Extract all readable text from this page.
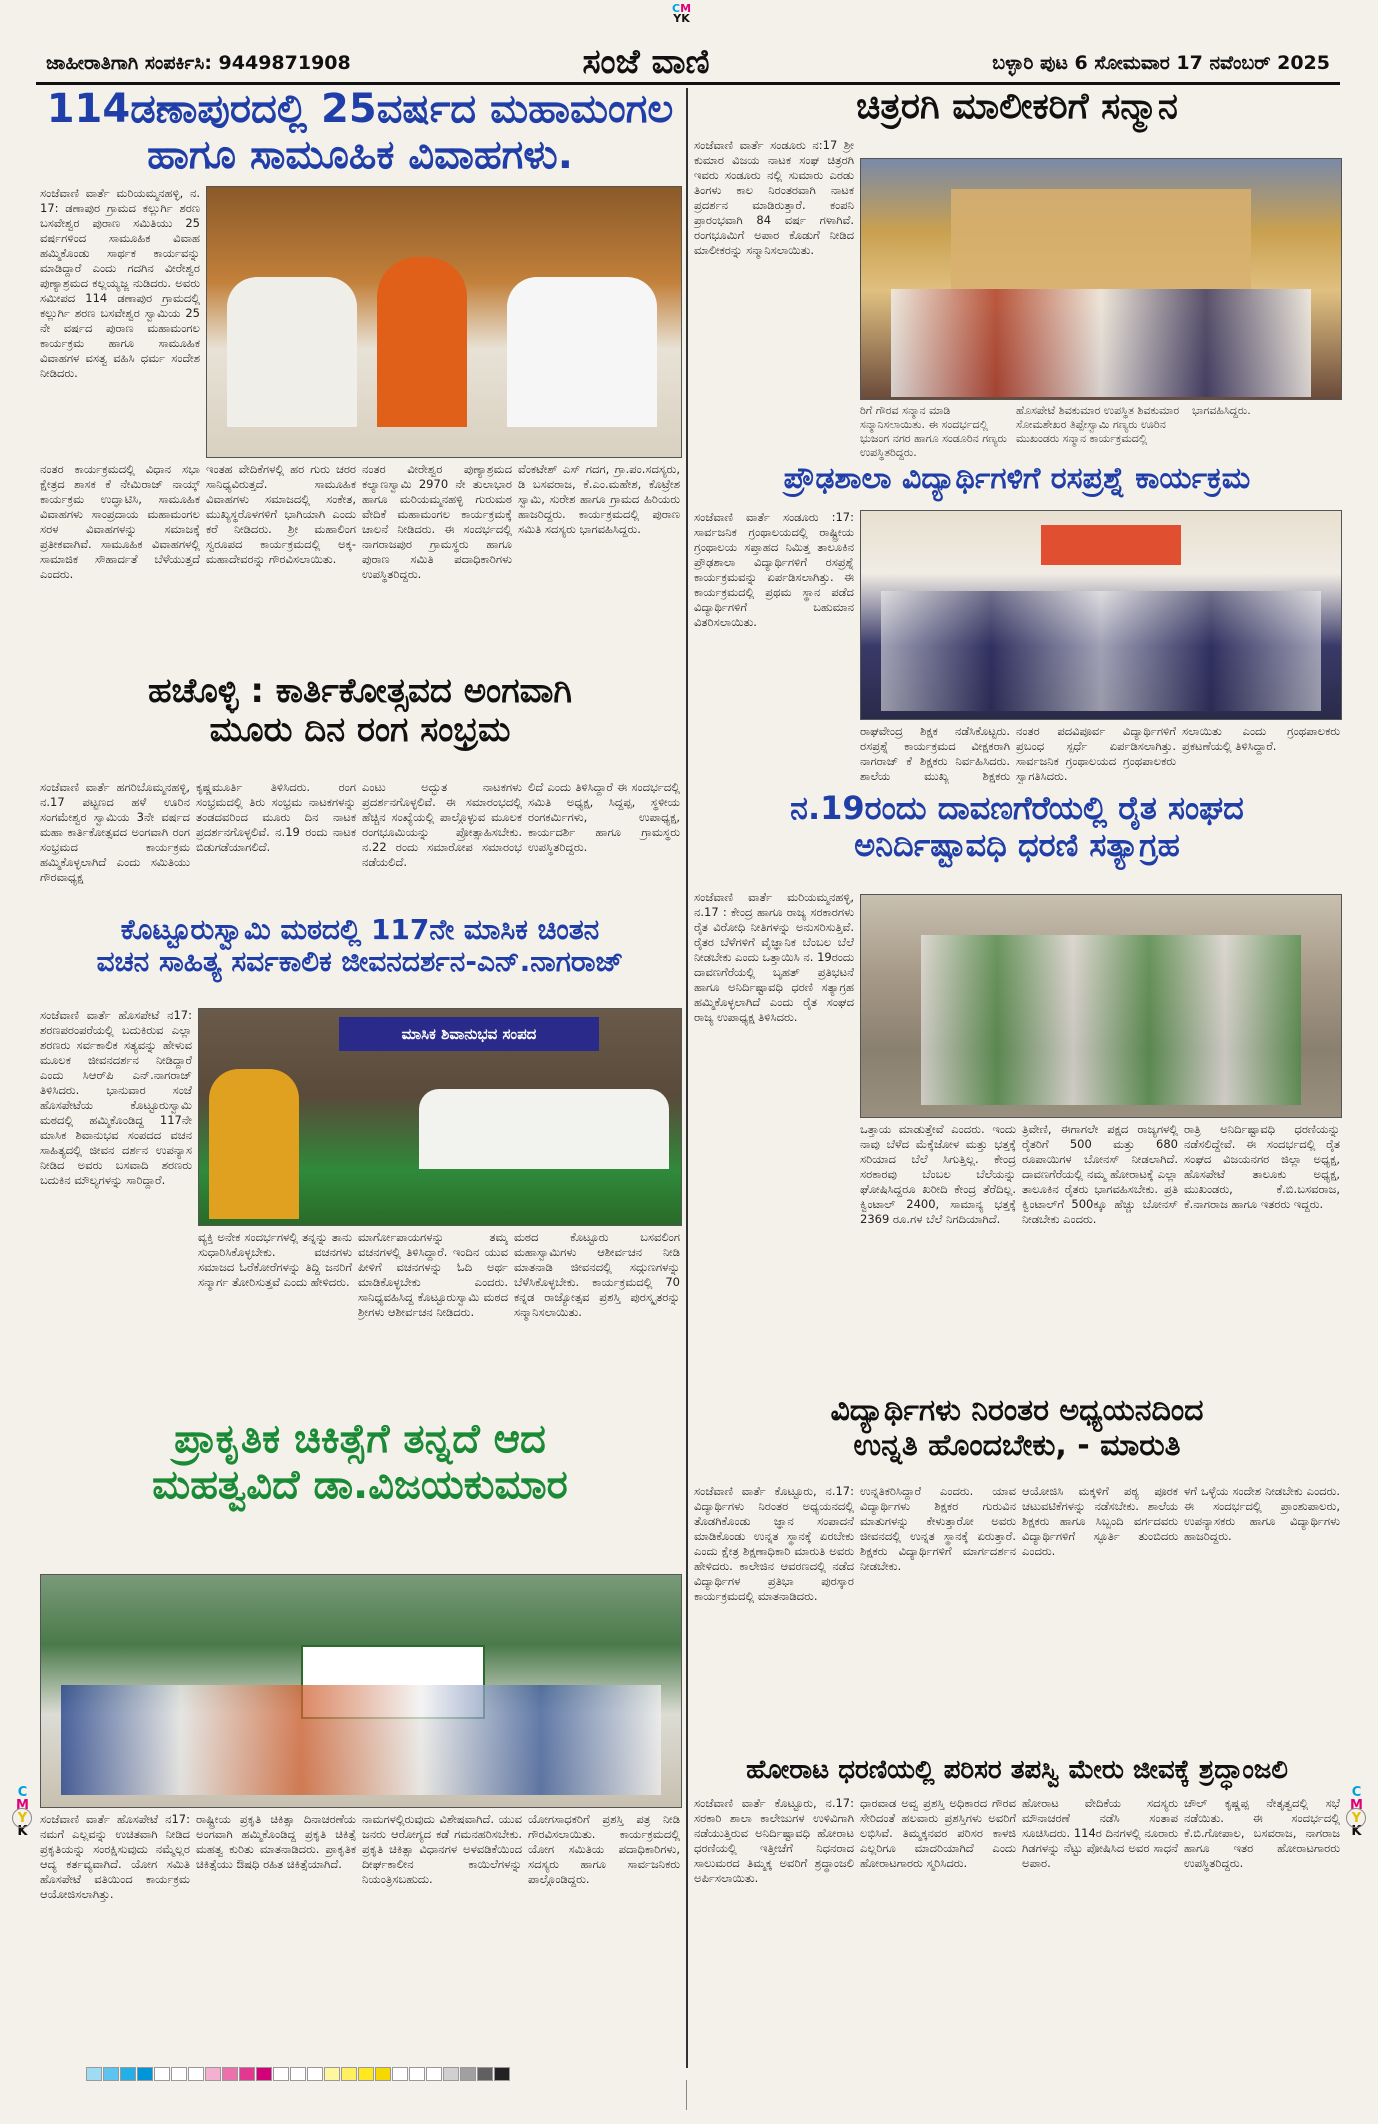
CM
YK
C
M
Y
K
C
M
Y
K
ಜಾಹೀರಾತಿಗಾಗಿ ಸಂಪರ್ಕಿಸಿ: 9449871908	ಸಂಜೆ ವಾಣಿ	ಬಳ್ಳಾರಿ ಪುಟ 6 ಸೋಮವಾರ 17 ನವೆಂಬರ್ 2025
114ಡಣಾಪುರದಲ್ಲಿ 25ವರ್ಷದ ಮಹಾಮಂಗಲ
ಹಾಗೂ ಸಾಮೂಹಿಕ ವಿವಾಹಗಳು.
ಸಂಜೆವಾಣಿ ವಾರ್ತೆ ಮರಿಯಮ್ಮನಹಳ್ಳಿ, ನ. 17: ಡಣಾಪುರ ಗ್ರಾಮದ ಕಲ್ಲುರ್ಗಿ ಶರಣ ಬಸವೇಶ್ವರ ಪುರಾಣ ಸಮಿತಿಯು 25 ವರ್ಷಗಳಿಂದ ಸಾಮೂಹಿಕ ವಿವಾಹ ಹಮ್ಮಿಕೊಂಡು ಸಾರ್ಥಕ ಕಾರ್ಯವನ್ನು ಮಾಡಿದ್ದಾರೆ ಎಂದು ಗದಗಿನ ವೀರೇಶ್ವರ ಪುಣ್ಯಾಶ್ರಮದ ಕಲ್ಲಯ್ಯಜ್ಜ ನುಡಿದರು. ಅವರು ಸಮೀಪದ 114 ಡಣಾಪುರ ಗ್ರಾಮದಲ್ಲಿ ಕಲ್ಲುರ್ಗಿ ಶರಣ ಬಸವೇಶ್ವರ ಸ್ವಾಮಿಯ 25 ನೇ ವರ್ಷದ ಪುರಾಣ ಮಹಾಮಂಗಲ ಕಾರ್ಯಕ್ರಮ ಹಾಗೂ ಸಾಮೂಹಿಕ ವಿವಾಹಗಳ ವಸತ್ವ ವಹಿಸಿ ಧರ್ಮ ಸಂದೇಶ ನೀಡಿದರು.
ನಂತರ ಕಾರ್ಯಕ್ರಮದಲ್ಲಿ ವಿಧಾನ ಸಭಾ ಕ್ಷೇತ್ರದ ಶಾಸಕ ಕೆ ನೇಮಿರಾಜ್ ನಾಯ್ಕ್ ಕಾರ್ಯಕ್ರಮ ಉದ್ಘಾಟಿಸಿ, ಸಾಮೂಹಿಕ ವಿವಾಹಗಳು ಸಾಂಪ್ರದಾಯ ಮಹಾಮಂಗಲ ಸರಳ ವಿವಾಹಗಳನ್ನು ಸಮಾಜಕ್ಕೆ ಪ್ರತೀಕವಾಗಿವೆ. ಸಾಮೂಹಿಕ ವಿವಾಹಗಳಲ್ಲಿ ಸಾಮಾಜಿಕ ಸೌಹಾರ್ದತೆ ಬೆಳೆಯುತ್ತದೆ ಎಂದರು.
ಇಂತಹ ವೇದಿಕೆಗಳಲ್ಲಿ ಹರ ಗುರು ಚರರ ಸಾನಿಧ್ಯವಿರುತ್ತದೆ. ಸಾಮೂಹಿಕ ವಿವಾಹಗಳು ಸಮಾಜದಲ್ಲಿ ಸಂಕೇತ, ಮುಖ್ಯಸ್ಥರೊಳಗಳಿಗೆ ಭಾಗಿಯಾಗಿ ಎಂದು ಕರೆ ನೀಡಿದರು. ಶ್ರೀ ಮಹಾಲಿಂಗ ಸ್ವರೂಪದ ಕಾರ್ಯಕ್ರಮದಲ್ಲಿ ಅಕ್ಕ-ಮಹಾದೇವರನ್ನು ಗೌರವಿಸಲಾಯಿತು.
ನಂತರ ವೀರೇಶ್ವರ ಪುಣ್ಯಾಶ್ರಮದ ಕಲ್ಯಾಣಸ್ವಾಮಿ 2970 ನೇ ತುಲಾಭಾರ ಹಾಗೂ ಮರಿಯಮ್ಮನಹಳ್ಳಿ ಗುರುಮಠ ವೇದಿಕೆ ಮಹಾಮಂಗಲ ಕಾರ್ಯಕ್ರಮಕ್ಕೆ ಚಾಲನೆ ನೀಡಿದರು. ಈ ಸಂದರ್ಭದಲ್ಲಿ ನಾಗರಾಜಪುರ ಗ್ರಾಮಸ್ಥರು ಹಾಗೂ ಪುರಾಣ ಸಮಿತಿ ಪದಾಧಿಕಾರಿಗಳು ಉಪಸ್ಥಿತರಿದ್ದರು.
ವೆಂಕಟೇಶ್ ಎಸ್ ಗದಗ, ಗ್ರಾ.ಪಂ.ಸದಸ್ಯರು, ಡಿ ಬಸವರಾಜ, ಕೆ.ಎಂ.ಮಹೇಶ, ಕೊಟ್ರೇಶ ಸ್ವಾಮಿ, ಸುರೇಶ ಹಾಗೂ ಗ್ರಾಮದ ಹಿರಿಯರು ಹಾಜರಿದ್ದರು. ಕಾರ್ಯಕ್ರಮದಲ್ಲಿ ಪುರಾಣ ಸಮಿತಿ ಸದಸ್ಯರು ಭಾಗವಹಿಸಿದ್ದರು.
ಹಚೊಳ್ಳಿ : ಕಾರ್ತಿಕೋತ್ಸವದ ಅಂಗವಾಗಿ
ಮೂರು ದಿನ ರಂಗ ಸಂಭ್ರಮ
ಸಂಜೆವಾಣಿ ವಾರ್ತೆ ಹಗರಿಬೊಮ್ಮನಹಳ್ಳಿ, ನ.17 ಪಟ್ಟಣದ ಹಳೆ ಊರಿನ ಸಂಗಮೇಶ್ವರ ಸ್ವಾಮಿಯ 3ನೇ ವರ್ಷದ ಮಹಾ ಕಾರ್ತಿಕೋತ್ಸವದ ಅಂಗವಾಗಿ ರಂಗ ಸಂಭ್ರಮದ ಕಾರ್ಯಕ್ರಮ ಹಮ್ಮಿಕೊಳ್ಳಲಾಗಿದೆ ಎಂದು ಸಮಿತಿಯು ಗೌರವಾಧ್ಯಕ್ಷ
ಕೃಷ್ಣಮೂರ್ತಿ ತಿಳಿಸಿದರು. ರಂಗ ಸಂಭ್ರಮದಲ್ಲಿ ತಿರು ಸಂಭ್ರಮ ನಾಟಕಗಳನ್ನು ತಂಡದವರಿಂದ ಮೂರು ದಿನ ನಾಟಕ ಪ್ರದರ್ಶನಗೊಳ್ಳಲಿವೆ. ನ.19 ರಂದು ನಾಟಕ ಬಿಡುಗಡೆಯಾಗಲಿದೆ.
ಎಂಟು ಅದ್ಭುತ ನಾಟಕಗಳು ಪ್ರದರ್ಶನಗೊಳ್ಳಲಿವೆ. ಈ ಸಮಾರಂಭದಲ್ಲಿ ಹೆಚ್ಚಿನ ಸಂಖ್ಯೆಯಲ್ಲಿ ಪಾಲ್ಗೊಳ್ಳುವ ಮೂಲಕ ರಂಗಭೂಮಿಯನ್ನು ಪ್ರೋತ್ಸಾಹಿಸಬೇಕು. ನ.22 ರಂದು ಸಮಾರೋಪ ಸಮಾರಂಭ ನಡೆಯಲಿದೆ.
ಲಿದೆ ಎಂದು ತಿಳಿಸಿದ್ದಾರೆ ಈ ಸಂದರ್ಭದಲ್ಲಿ ಸಮಿತಿ ಅಧ್ಯಕ್ಷ, ಸಿದ್ದಪ್ಪ, ಸ್ಥಳೀಯ ರಂಗಕರ್ಮಿಗಳು, ಉಪಾಧ್ಯಕ್ಷ, ಕಾರ್ಯದರ್ಶಿ ಹಾಗೂ ಗ್ರಾಮಸ್ಥರು ಉಪಸ್ಥಿತರಿದ್ದರು.
ಕೊಟ್ಟೂರುಸ್ವಾಮಿ ಮಠದಲ್ಲಿ 117ನೇ ಮಾಸಿಕ ಚಿಂತನ
ವಚನ ಸಾಹಿತ್ಯ ಸರ್ವಕಾಲಿಕ ಜೀವನದರ್ಶನ-ಎನ್.ನಾಗರಾಜ್
ಸಂಜೆವಾಣಿ ವಾರ್ತೆ ಹೊಸಪೇಟೆ ನ17: ಶರಣಪರಂಪರೆಯಲ್ಲಿ ಬದುಕಿರುವ ಎಲ್ಲಾ ಶರಣರು ಸರ್ವಕಾಲಿಕ ಸತ್ಯವನ್ನು ಹೇಳುವ ಮೂಲಕ ಜೀವನದರ್ಶನ ನೀಡಿದ್ದಾರೆ ಎಂದು ಸಿಆರ್‌ಪಿ ಎನ್.ನಾಗರಾಜ್ ತಿಳಿಸಿದರು. ಭಾನುವಾರ ಸಂಜೆ ಹೊಸಪೇಟೆಯ ಕೊಟ್ಟೂರುಸ್ವಾಮಿ ಮಠದಲ್ಲಿ ಹಮ್ಮಿಕೊಂಡಿದ್ದ 117ನೇ ಮಾಸಿಕ ಶಿವಾನುಭವ ಸಂಪದದ ವಚನ ಸಾಹಿತ್ಯದಲ್ಲಿ ಜೀವನ ದರ್ಶನ ಉಪನ್ಯಾಸ ನೀಡಿದ ಅವರು ಬಸವಾದಿ ಶರಣರು ಬದುಕಿನ ಮೌಲ್ಯಗಳನ್ನು ಸಾರಿದ್ದಾರೆ.
ಮಾಸಿಕ ಶಿವಾನುಭವ ಸಂಪದ
ವ್ಯಕ್ತಿ ಅನೇಕ ಸಂದರ್ಭಗಳಲ್ಲಿ ತನ್ನನ್ನು ತಾನು ಸುಧಾರಿಸಿಕೊಳ್ಳಬೇಕು. ವಚನಗಳು ಸಮಾಜದ ಓರೆಕೋರೆಗಳನ್ನು ತಿದ್ದಿ ಜನರಿಗೆ ಸನ್ಮಾರ್ಗ ತೋರಿಸುತ್ತವೆ ಎಂದು ಹೇಳಿದರು.
ಮಾರ್ಗೋಪಾಯಗಳನ್ನು ತಮ್ಮ ವಚನಗಳಲ್ಲಿ ತಿಳಿಸಿದ್ದಾರೆ. ಇಂದಿನ ಯುವ ಪೀಳಿಗೆ ವಚನಗಳನ್ನು ಓದಿ ಅರ್ಥ ಮಾಡಿಕೊಳ್ಳಬೇಕು ಎಂದರು. ಸಾನಿಧ್ಯವಹಿಸಿದ್ದ ಕೊಟ್ಟೂರುಸ್ವಾಮಿ ಮಠದ ಶ್ರೀಗಳು ಆಶೀರ್ವಚನ ನೀಡಿದರು.
ಮಠದ ಕೊಟ್ಟೂರು ಬಸವಲಿಂಗ ಮಹಾಸ್ವಾಮಿಗಳು ಆಶೀರ್ವಚನ ನೀಡಿ ಮಾತನಾಡಿ ಜೀವನದಲ್ಲಿ ಸದ್ಗುಣಗಳನ್ನು ಬೆಳೆಸಿಕೊಳ್ಳಬೇಕು. ಕಾರ್ಯಕ್ರಮದಲ್ಲಿ 70 ಕನ್ನಡ ರಾಜ್ಯೋತ್ಸವ ಪ್ರಶಸ್ತಿ ಪುರಸ್ಕೃತರನ್ನು ಸನ್ಮಾನಿಸಲಾಯಿತು.
ಪ್ರಾಕೃತಿಕ ಚಿಕಿತ್ಸೆಗೆ ತನ್ನದೆ ಆದ
ಮಹತ್ವವಿದೆ ಡಾ.ವಿಜಯಕುಮಾರ
ಸಂಜೆವಾಣಿ ವಾರ್ತೆ ಹೊಸಪೇಟೆ ನ17: ನಮಗೆ ಎಲ್ಲವನ್ನು ಉಚಿತವಾಗಿ ನೀಡಿದ ಪ್ರಕೃತಿಯನ್ನು ಸಂರಕ್ಷಿಸುವುದು ನಮ್ಮೆಲ್ಲರ ಆದ್ಯ ಕರ್ತವ್ಯವಾಗಿದೆ. ಯೋಗ ಸಮಿತಿ ಹೊಸಪೇಟೆ ವತಿಯಿಂದ ಕಾರ್ಯಕ್ರಮ ಆಯೋಜಿಸಲಾಗಿತ್ತು.
ರಾಷ್ಟ್ರೀಯ ಪ್ರಕೃತಿ ಚಿಕಿತ್ಸಾ ದಿನಾಚರಣೆಯ ಅಂಗವಾಗಿ ಹಮ್ಮಿಕೊಂಡಿದ್ದ ಪ್ರಕೃತಿ ಚಿಕಿತ್ಸೆ ಮಹತ್ವ ಕುರಿತು ಮಾತನಾಡಿದರು. ಪ್ರಾಕೃತಿಕ ಚಿಕಿತ್ಸೆಯು ಔಷಧಿ ರಹಿತ ಚಿಕಿತ್ಸೆಯಾಗಿದೆ.
ನಾಮಗಳಲ್ಲಿರುವುದು ವಿಶೇಷವಾಗಿದೆ. ಯುವ ಜನರು ಆರೋಗ್ಯದ ಕಡೆ ಗಮನಹರಿಸಬೇಕು. ಪ್ರಕೃತಿ ಚಿಕಿತ್ಸಾ ವಿಧಾನಗಳ ಅಳವಡಿಕೆಯಿಂದ ದೀರ್ಘಕಾಲೀನ ಕಾಯಿಲೆಗಳನ್ನು ನಿಯಂತ್ರಿಸಬಹುದು.
ಯೋಗಸಾಧಕರಿಗೆ ಪ್ರಶಸ್ತಿ ಪತ್ರ ನೀಡಿ ಗೌರವಿಸಲಾಯಿತು. ಕಾರ್ಯಕ್ರಮದಲ್ಲಿ ಯೋಗ ಸಮಿತಿಯ ಪದಾಧಿಕಾರಿಗಳು, ಸದಸ್ಯರು ಹಾಗೂ ಸಾರ್ವಜನಿಕರು ಪಾಲ್ಗೊಂಡಿದ್ದರು.
ಚಿತ್ರರಗಿ ಮಾಲೀಕರಿಗೆ ಸನ್ಮಾನ
ಸಂಜೆವಾಣಿ ವಾರ್ತೆ ಸಂಡೂರು ನ:17 ಶ್ರೀ ಕುಮಾರ ವಿಜಯ ನಾಟಕ ಸಂಘ ಚಿತ್ರರಗಿ ಇವರು ಸಂಡೂರು ನಲ್ಲಿ ಸುಮಾರು ಎರಡು ತಿಂಗಳು ಕಾಲ ನಿರಂತರವಾಗಿ ನಾಟಕ ಪ್ರದರ್ಶನ ಮಾಡಿರುತ್ತಾರೆ. ಕಂಪನಿ ಪ್ರಾರಂಭವಾಗಿ 84 ವರ್ಷ ಗಳಾಗಿವೆ. ರಂಗಭೂಮಿಗೆ ಅಪಾರ ಕೊಡುಗೆ ನೀಡಿದ ಮಾಲೀಕರನ್ನು ಸನ್ಮಾನಿಸಲಾಯಿತು.
ರಿಗೆ ಗೌರವ ಸನ್ಮಾನ ಮಾಡಿ ಸನ್ಮಾನಿಸಲಾಯಿತು. ಈ ಸಂದರ್ಭದಲ್ಲಿ ಭುಜಂಗ ನಗರ ಹಾಗೂ ಸಂಡೂರಿನ ಗಣ್ಯರು ಉಪಸ್ಥಿತರಿದ್ದರು.
ಹೊಸಪೇಟೆ ಶಿವಕುಮಾರ ಉಪಸ್ಥಿತ ಶಿವಕುಮಾರ ಸೋಮಶೇಖರ ತಿಪ್ಪೇಸ್ವಾಮಿ ಗಣ್ಯರು ಊರಿನ ಮುಖಂಡರು ಸನ್ಮಾನ ಕಾರ್ಯಕ್ರಮದಲ್ಲಿ
ಭಾಗವಹಿಸಿದ್ದರು.
ಪ್ರೌಢಶಾಲಾ ವಿದ್ಯಾರ್ಥಿಗಳಿಗೆ ರಸಪ್ರಶ್ನೆ ಕಾರ್ಯಕ್ರಮ
ಸಂಜೆವಾಣಿ ವಾರ್ತೆ ಸಂಡೂರು :17: ಸಾರ್ವಜನಿಕ ಗ್ರಂಥಾಲಯದಲ್ಲಿ ರಾಷ್ಟ್ರೀಯ ಗ್ರಂಥಾಲಯ ಸಪ್ತಾಹದ ನಿಮಿತ್ತ ತಾಲೂಕಿನ ಪ್ರೌಢಶಾಲಾ ವಿದ್ಯಾರ್ಥಿಗಳಿಗೆ ರಸಪ್ರಶ್ನೆ ಕಾರ್ಯಕ್ರಮವನ್ನು ಏರ್ಪಡಿಸಲಾಗಿತ್ತು. ಈ ಕಾರ್ಯಕ್ರಮದಲ್ಲಿ ಪ್ರಥಮ ಸ್ಥಾನ ಪಡೆದ ವಿದ್ಯಾರ್ಥಿಗಳಿಗೆ ಬಹುಮಾನ ವಿತರಿಸಲಾಯಿತು.
ರಾಘವೇಂದ್ರ ಶಿಕ್ಷಕ ನಡೆಸಿಕೊಟ್ಟರು. ರಸಪ್ರಶ್ನೆ ಕಾರ್ಯಕ್ರಮದ ವೀಕ್ಷಕರಾಗಿ ನಾಗರಾಜ್ ಕೆ ಶಿಕ್ಷಕರು ನಿರ್ವಹಿಸಿದರು. ಶಾಲೆಯ ಮುಖ್ಯ ಶಿಕ್ಷಕರು
ನಂತರ ಪದವಿಪೂರ್ವ ವಿದ್ಯಾರ್ಥಿಗಳಿಗೆ ಪ್ರಬಂಧ ಸ್ಪರ್ಧೆ ಏರ್ಪಡಿಸಲಾಗಿತ್ತು. ಸಾರ್ವಜನಿಕ ಗ್ರಂಥಾಲಯದ ಗ್ರಂಥಪಾಲಕರು ಸ್ವಾಗತಿಸಿದರು.
ಸಲಾಯಿತು ಎಂದು ಗ್ರಂಥಪಾಲಕರು ಪ್ರಕಟಣೆಯಲ್ಲಿ ತಿಳಿಸಿದ್ದಾರೆ.
ನ.19ರಂದು ದಾವಣಗೆರೆಯಲ್ಲಿ ರೈತ ಸಂಘದ
ಅನಿರ್ದಿಷ್ಟಾವಧಿ ಧರಣಿ ಸತ್ಯಾಗ್ರಹ
ಸಂಜೆವಾಣಿ ವಾರ್ತೆ ಮರಿಯಮ್ಮನಹಳ್ಳಿ, ನ.17 : ಕೇಂದ್ರ ಹಾಗೂ ರಾಜ್ಯ ಸರಕಾರಗಳು ರೈತ ವಿರೋಧಿ ನೀತಿಗಳನ್ನು ಅನುಸರಿಸುತ್ತಿವೆ. ರೈತರ ಬೆಳೆಗಳಿಗೆ ವೈಜ್ಞಾನಿಕ ಬೆಂಬಲ ಬೆಲೆ ನೀಡಬೇಕು ಎಂದು ಒತ್ತಾಯಿಸಿ ನ. 19ರಂದು ದಾವಣಗೆರೆಯಲ್ಲಿ ಬೃಹತ್ ಪ್ರತಿಭಟನೆ ಹಾಗೂ ಅನಿರ್ದಿಷ್ಟಾವಧಿ ಧರಣಿ ಸತ್ಯಾಗ್ರಹ ಹಮ್ಮಿಕೊಳ್ಳಲಾಗಿದೆ ಎಂದು ರೈತ ಸಂಘದ ರಾಜ್ಯ ಉಪಾಧ್ಯಕ್ಷ ತಿಳಿಸಿದರು.
ಒತ್ತಾಯ ಮಾಡುತ್ತೇವೆ ಎಂದರು. ಇಂದು ನಾವು ಬೆಳೆದ ಮೆಕ್ಕೆಜೋಳ ಮತ್ತು ಭತ್ತಕ್ಕೆ ಸರಿಯಾದ ಬೆಲೆ ಸಿಗುತ್ತಿಲ್ಲ. ಕೇಂದ್ರ ಸರಕಾರವು ಬೆಂಬಲ ಬೆಲೆಯನ್ನು ಘೋಷಿಸಿದ್ದರೂ ಖರೀದಿ ಕೇಂದ್ರ ತೆರೆದಿಲ್ಲ. ಕ್ವಿಂಟಾಲ್ 2400, ಸಾಮಾನ್ಯ ಭತ್ತಕ್ಕೆ 2369 ರೂ.ಗಳ ಬೆಲೆ ನಿಗದಿಯಾಗಿದೆ.
ತ್ರಿವೇಣಿ, ಈಗಾಗಲೇ ಪಕ್ಷದ ರಾಜ್ಯಗಳಲ್ಲಿ ರೈತರಿಗೆ 500 ಮತ್ತು 680 ರೂಪಾಯಿಗಳ ಬೋನಸ್ ನೀಡಲಾಗಿದೆ. ದಾವಣಗೆರೆಯಲ್ಲಿ ನಮ್ಮ ಹೋರಾಟಕ್ಕೆ ಎಲ್ಲಾ ತಾಲೂಕಿನ ರೈತರು ಭಾಗವಹಿಸಬೇಕು. ಪ್ರತಿ ಕ್ವಿಂಟಾಲ್‌ಗೆ 500ಕ್ಕೂ ಹೆಚ್ಚು ಬೋನಸ್ ನೀಡಬೇಕು ಎಂದರು.
ರಾತ್ರಿ ಅನಿರ್ದಿಷ್ಟಾವಧಿ ಧರಣಿಯನ್ನು ನಡೆಸಲಿದ್ದೇವೆ. ಈ ಸಂದರ್ಭದಲ್ಲಿ ರೈತ ಸಂಘದ ವಿಜಯನಗರ ಜಿಲ್ಲಾ ಅಧ್ಯಕ್ಷ, ಹೊಸಪೇಟೆ ತಾಲೂಕು ಅಧ್ಯಕ್ಷ, ಮುಖಂಡರು, ಕೆ.ಬಿ.ಬಸವರಾಜ, ಕೆ.ನಾಗರಾಜ ಹಾಗೂ ಇತರರು ಇದ್ದರು.
ವಿದ್ಯಾರ್ಥಿಗಳು ನಿರಂತರ ಅಧ್ಯಯನದಿಂದ
ಉನ್ನತಿ ಹೊಂದಬೇಕು, - ಮಾರುತಿ
ಸಂಜೆವಾಣಿ ವಾರ್ತೆ ಕೊಟ್ಟೂರು, ನ.17: ವಿದ್ಯಾರ್ಥಿಗಳು ನಿರಂತರ ಅಧ್ಯಯನದಲ್ಲಿ ತೊಡಗಿಕೊಂಡು ಜ್ಞಾನ ಸಂಪಾದನೆ ಮಾಡಿಕೊಂಡು ಉನ್ನತ ಸ್ಥಾನಕ್ಕೆ ಏರಬೇಕು ಎಂದು ಕ್ಷೇತ್ರ ಶಿಕ್ಷಣಾಧಿಕಾರಿ ಮಾರುತಿ ಅವರು ಹೇಳಿದರು. ಕಾಲೇಜಿನ ಆವರಣದಲ್ಲಿ ನಡೆದ ವಿದ್ಯಾರ್ಥಿಗಳ ಪ್ರತಿಭಾ ಪುರಸ್ಕಾರ ಕಾರ್ಯಕ್ರಮದಲ್ಲಿ ಮಾತನಾಡಿದರು.
ಉನ್ನತಿಕರಿಸಿದ್ದಾರೆ ಎಂದರು. ಯಾವ ವಿದ್ಯಾರ್ಥಿಗಳು ಶಿಕ್ಷಕರ ಗುರುವಿನ ಮಾತುಗಳನ್ನು ಕೇಳುತ್ತಾರೋ ಅವರು ಜೀವನದಲ್ಲಿ ಉನ್ನತ ಸ್ಥಾನಕ್ಕೆ ಏರುತ್ತಾರೆ. ಶಿಕ್ಷಕರು ವಿದ್ಯಾರ್ಥಿಗಳಿಗೆ ಮಾರ್ಗದರ್ಶನ ನೀಡಬೇಕು.
ಆಯೋಜಿಸಿ ಮಕ್ಕಳಿಗೆ ಪಠ್ಯ ಪೂರಕ ಚಟುವಟಿಕೆಗಳನ್ನು ನಡೆಸಬೇಕು. ಶಾಲೆಯ ಶಿಕ್ಷಕರು ಹಾಗೂ ಸಿಬ್ಬಂದಿ ವರ್ಗದವರು ವಿದ್ಯಾರ್ಥಿಗಳಿಗೆ ಸ್ಫೂರ್ತಿ ತುಂಬಿದರು ಎಂದರು.
ಳಗೆ ಒಳ್ಳೆಯ ಸಂದೇಶ ನೀಡಬೇಕು ಎಂದರು. ಈ ಸಂದರ್ಭದಲ್ಲಿ ಪ್ರಾಂಶುಪಾಲರು, ಉಪನ್ಯಾಸಕರು ಹಾಗೂ ವಿದ್ಯಾರ್ಥಿಗಳು ಹಾಜರಿದ್ದರು.
ಹೋರಾಟ ಧರಣಿಯಲ್ಲಿ ಪರಿಸರ ತಪಸ್ವಿ ಮೇರು ಜೀವಕ್ಕೆ ಶ್ರದ್ಧಾಂಜಲಿ
ಸಂಜೆವಾಣಿ ವಾರ್ತೆ ಕೊಟ್ಟೂರು, ನ.17: ಸರಕಾರಿ ಶಾಲಾ ಕಾಲೇಜುಗಳ ಉಳಿವಿಗಾಗಿ ನಡೆಯುತ್ತಿರುವ ಅನಿರ್ದಿಷ್ಟಾವಧಿ ಹೋರಾಟ ಧರಣಿಯಲ್ಲಿ ಇತ್ತೀಚೆಗೆ ನಿಧನರಾದ ಸಾಲುಮರದ ತಿಮ್ಮಕ್ಕ ಅವರಿಗೆ ಶ್ರದ್ಧಾಂಜಲಿ ಅರ್ಪಿಸಲಾಯಿತು.
ಧಾರವಾಡ ಅವ್ವ ಪ್ರಶಸ್ತಿ ಅಧಿಕಾರದ ಗೌರವ ಸೇರಿದಂತೆ ಹಲವಾರು ಪ್ರಶಸ್ತಿಗಳು ಅವರಿಗೆ ಲಭಿಸಿವೆ. ತಿಮ್ಮಕ್ಕನವರ ಪರಿಸರ ಕಾಳಜಿ ಎಲ್ಲರಿಗೂ ಮಾದರಿಯಾಗಿದೆ ಎಂದು ಹೋರಾಟಗಾರರು ಸ್ಮರಿಸಿದರು.
ಹೋರಾಟ ವೇದಿಕೆಯ ಸದಸ್ಯರು ಮೌನಾಚರಣೆ ನಡೆಸಿ ಸಂತಾಪ ಸೂಚಿಸಿದರು. 114ರ ದಿನಗಳಲ್ಲಿ ನೂರಾರು ಗಿಡಗಳನ್ನು ನೆಟ್ಟು ಪೋಷಿಸಿದ ಅವರ ಸಾಧನೆ ಅಪಾರ.
ಚೌಲ್ ಕೃಷ್ಣಪ್ಪ ನೇತೃತ್ವದಲ್ಲಿ ಸಭೆ ನಡೆಯಿತು. ಈ ಸಂದರ್ಭದಲ್ಲಿ ಕೆ.ಬಿ.ಗೋಪಾಲ, ಬಸವರಾಜ, ನಾಗರಾಜ ಹಾಗೂ ಇತರ ಹೋರಾಟಗಾರರು ಉಪಸ್ಥಿತರಿದ್ದರು.
